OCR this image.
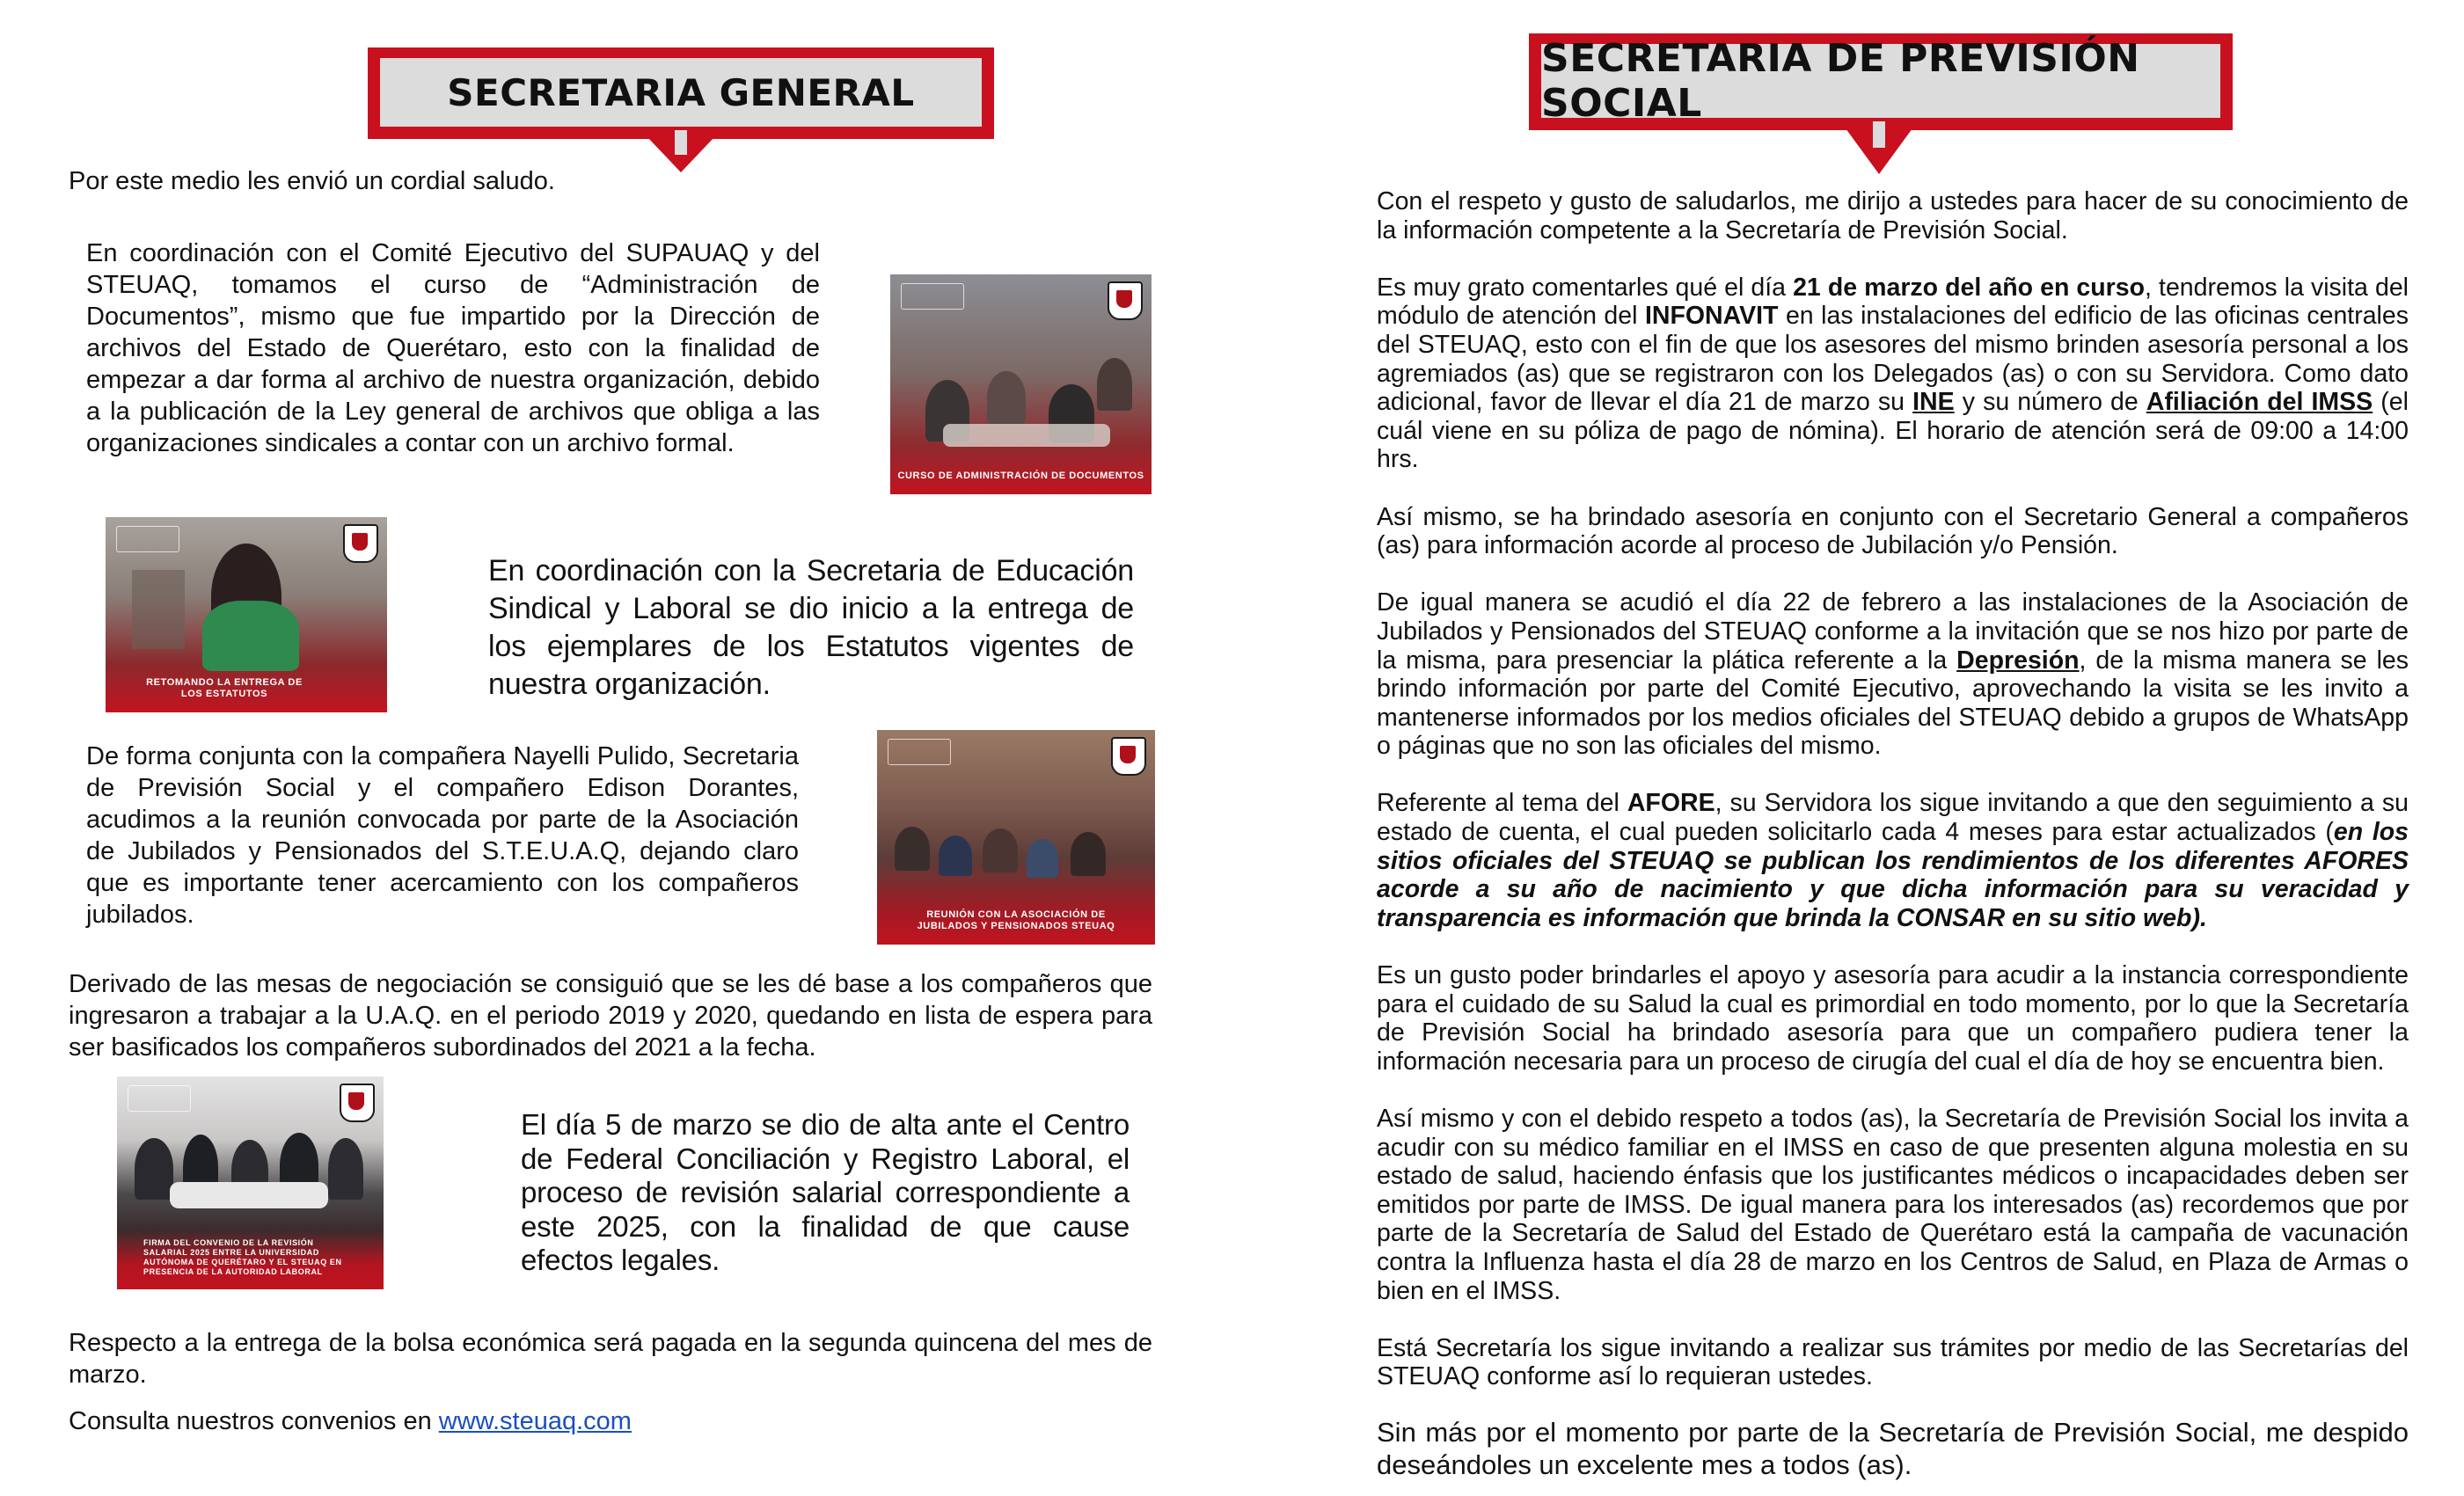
SECRETARIA GENERAL

Por este medio les envió un cordial saludo.

En coordinación con el Comité Ejecutivo del SUPAUAQ y del STEUAQ, tomamos el curso de “Administración de Documentos”, mismo que fue impartido por la Dirección de archivos del Estado de Querétaro, esto con la finalidad de empezar a dar forma al archivo de nuestra organización, debido a la publicación de la Ley general de archivos que obliga a las organizaciones sindicales a contar con un archivo formal.

CURSO DE ADMINISTRACIÓN DE DOCUMENTOS
RETOMANDO LA ENTREGA DE LOS ESTATUTOS

En coordinación con la Secretaria de Educación Sindical y Laboral se dio inicio a la entrega de los ejemplares de los Estatutos vigentes de nuestra organización.

De forma conjunta con la compañera Nayelli Pulido, Secretaria de Previsión Social y el compañero Edison Dorantes, acudimos a la reunión convocada por parte de la Asociación de Jubilados y Pensionados del S.T.E.U.A.Q, dejando claro que es importante tener acercamiento con los compañeros jubilados.	REUNIÓN CON LA ASOCIACIÓN DE JUBILADOS Y PENSIONADOS STEUAQ

Derivado de las mesas de negociación se consiguió que se les dé base a los compañeros que ingresaron a trabajar a la U.A.Q. en el periodo 2019 y 2020, quedando en lista de espera para ser basificados los compañeros subordinados del 2021 a la fecha.

FIRMA DEL CONVENIO DE LA REVISIÓN SALARIAL 2025 ENTRE LA UNIVERSIDAD AUTÓNOMA DE QUERÉTARO Y EL STEUAQ EN PRESENCIA DE LA AUTORIDAD LABORAL

El día 5 de marzo se dio de alta ante el Centro de Federal Conciliación y Registro Laboral, el proceso de revisión salarial correspondiente a este 2025, con la finalidad de que cause efectos legales.

Respecto a la entrega de la bolsa económica será pagada en la segunda quincena del mes de marzo.

Consulta nuestros convenios en www.steuaq.com

SECRETARIA DE PREVISIÓN SOCIAL

Con el respeto y gusto de saludarlos, me dirijo a ustedes para hacer de su conocimiento de la información competente a la Secretaría de Previsión Social.

Es muy grato comentarles qué el día 21 de marzo del año en curso, tendremos la visita del módulo de atención del INFONAVIT en las instalaciones del edificio de las oficinas centrales del STEUAQ, esto con el fin de que los asesores del mismo brinden asesoría personal a los agremiados (as) que se registraron con los Delegados (as) o con su Servidora. Como dato adicional, favor de llevar el día 21 de marzo su INE y su número de Afiliación del IMSS (el cuál viene en su póliza de pago de nómina). El horario de atención será de 09:00 a 14:00 hrs.

Así mismo, se ha brindado asesoría en conjunto con el Secretario General a compañeros (as) para información acorde al proceso de Jubilación y/o Pensión.

De igual manera se acudió el día 22 de febrero a las instalaciones de la Asociación de Jubilados y Pensionados del STEUAQ conforme a la invitación que se nos hizo por parte de la misma, para presenciar la plática referente a la Depresión, de la misma manera se les brindo información por parte del Comité Ejecutivo, aprovechando la visita se les invito a mantenerse informados por los medios oficiales del STEUAQ debido a grupos de WhatsApp o páginas que no son las oficiales del mismo.

Referente al tema del AFORE, su Servidora los sigue invitando a que den seguimiento a su estado de cuenta, el cual pueden solicitarlo cada 4 meses para estar actualizados (en los sitios oficiales del STEUAQ se publican los rendimientos de los diferentes AFORES acorde a su año de nacimiento y que dicha información para su veracidad y transparencia es información que brinda la CONSAR en su sitio web).

Es un gusto poder brindarles el apoyo y asesoría para acudir a la instancia correspondiente para el cuidado de su Salud la cual es primordial en todo momento, por lo que la Secretaría de Previsión Social ha brindado asesoría para que un compañero pudiera tener la información necesaria para un proceso de cirugía del cual el día de hoy se encuentra bien.

Así mismo y con el debido respeto a todos (as), la Secretaría de Previsión Social los invita a acudir con su médico familiar en el IMSS en caso de que presenten alguna molestia en su estado de salud, haciendo énfasis que los justificantes médicos o incapacidades deben ser emitidos por parte de IMSS. De igual manera para los interesados (as) recordemos que por parte de la Secretaría de Salud del Estado de Querétaro está la campaña de vacunación contra la Influenza hasta el día 28 de marzo en los Centros de Salud, en Plaza de Armas o bien en el IMSS.

Está Secretaría los sigue invitando a realizar sus trámites por medio de las Secretarías del STEUAQ conforme así lo requieran ustedes.

Sin más por el momento por parte de la Secretaría de Previsión Social, me despido deseándoles un excelente mes a todos (as).
